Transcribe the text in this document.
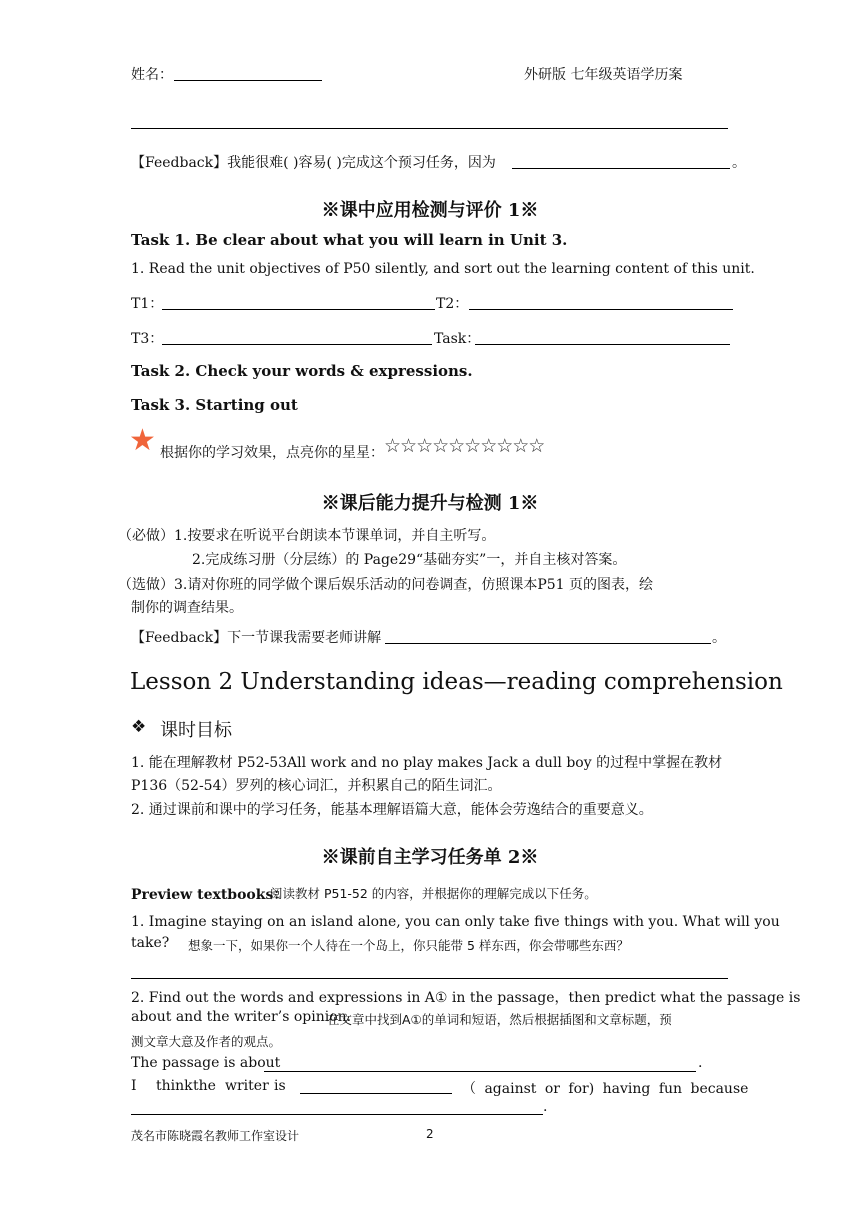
姓名：	外研版 七年级英语学历案
【Feedback】我能很难( )容易( )完成这个预习任务，因为	。
※课中应用检测与评价 1※
Task 1. Be clear about what you will learn in Unit 3.
1. Read the unit objectives of P50 silently, and sort out the learning content of this unit.
T1：	T2：
T3：	Task：
Task 2. Check your words & expressions.
Task 3. Starting out
★ 根据你的学习效果，点亮你的星星： ☆☆☆☆☆☆☆☆☆☆
※课后能力提升与检测 1※
（必做）1.按要求在听说平台朗读本节课单词，并自主听写。
2.完成练习册（分层练）的 Page29“基础夯实”一，并自主核对答案。
（选做）3.请对你班的同学做个课后娱乐活动的问卷调查，仿照课本P51 页的图表，绘
制你的调查结果。
【Feedback】下一节课我需要老师讲解	。
Lesson 2 Understanding ideas—reading comprehension
❖ 课时目标
1. 能在理解教材 P52-53All work and no play makes Jack a dull boy 的过程中掌握在教材
P136（52-54）罗列的核心词汇，并积累自己的陌生词汇。
2. 通过课前和课中的学习任务，能基本理解语篇大意，能体会劳逸结合的重要意义。
※课前自主学习任务单 2※
Preview textbooks：
阅读教材 P51-52 的内容，并根据你的理解完成以下任务。
1. Imagine staying on an island alone, you can only take five things with you. What will you
take? 想象一下，如果你一个人待在一个岛上，你只能带 5 样东西，你会带哪些东西？
2. Find out the words and expressions in A① in the passage，then predict what the passage is
about and the writer’s opinion.
在文章中找到A①的单词和短语，然后根据插图和文章标题，预
测文章大意及作者的观点。
The passage is about	.
I think the writer is	（ against or for) having fun because
.
茂名市陈晓霞名教师工作室设计	2
